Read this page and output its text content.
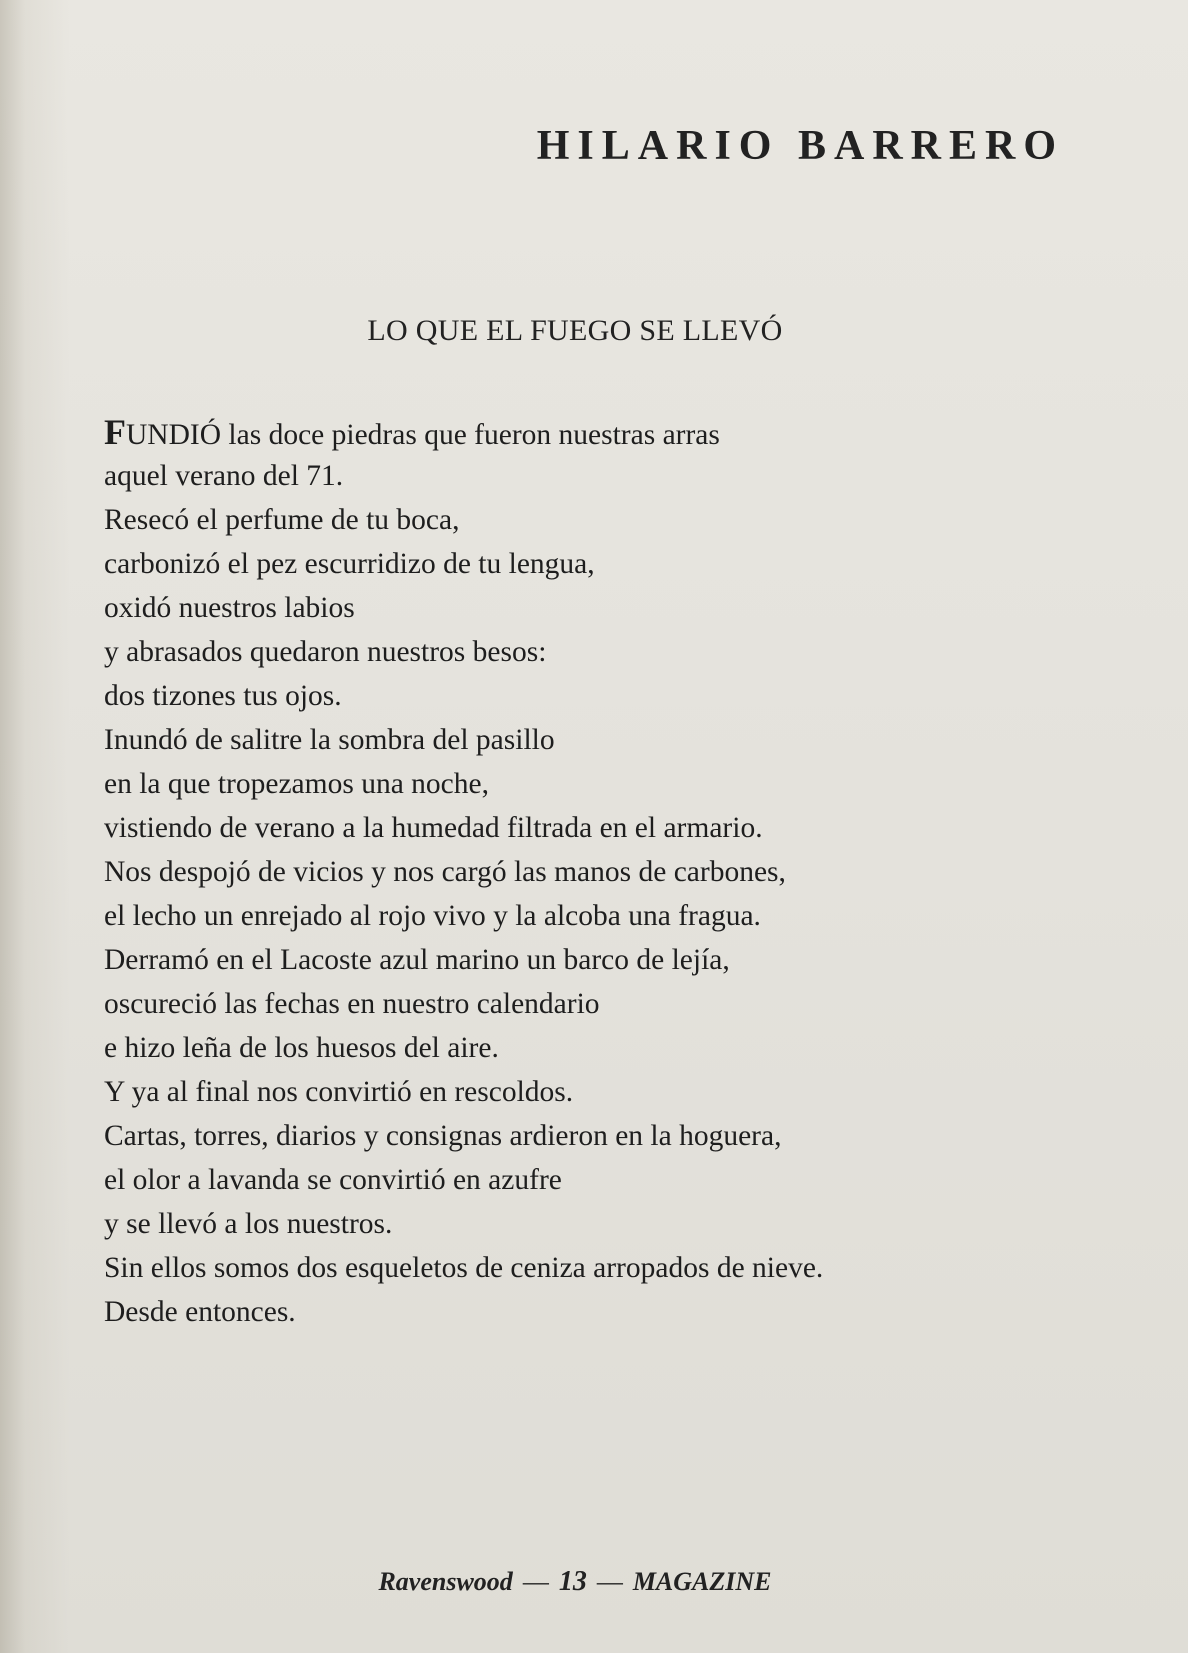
HILARIO BARRERO
LO QUE EL FUEGO SE LLEVÓ
FUNDIÓ las doce piedras que fueron nuestras arras
aquel verano del 71.
Resecó el perfume de tu boca,
carbonizó el pez escurridizo de tu lengua,
oxidó nuestros labios
y abrasados quedaron nuestros besos:
dos tizones tus ojos.
Inundó de salitre la sombra del pasillo
en la que tropezamos una noche,
vistiendo de verano a la humedad filtrada en el armario.
Nos despojó de vicios y nos cargó las manos de carbones,
el lecho un enrejado al rojo vivo y la alcoba una fragua.
Derramó en el Lacoste azul marino un barco de lejía,
oscureció las fechas en nuestro calendario
e hizo leña de los huesos del aire.
Y ya al final nos convirtió en rescoldos.
Cartas, torres, diarios y consignas ardieron en la hoguera,
el olor a lavanda se convirtió en azufre
y se llevó a los nuestros.
Sin ellos somos dos esqueletos de ceniza arropados de nieve.
Desde entonces.
Ravenswood — 13 — MAGAZINE
